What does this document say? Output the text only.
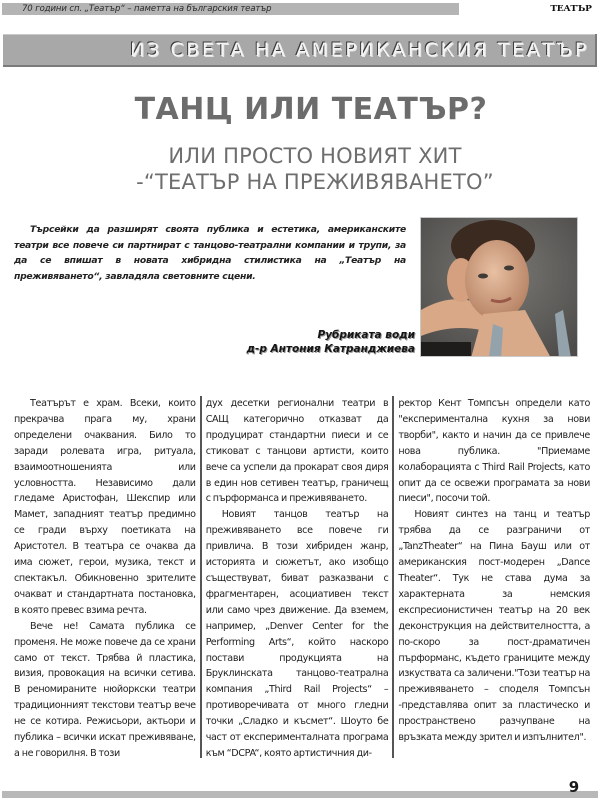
70 години сп. „Театър“ – паметта на българския театър	ТЕАТЪР
ИЗ СВЕТА НА АМЕРИКАНСКИЯ ТЕАТЪР
ТАНЦ ИЛИ ТЕАТЪР?
ИЛИ ПРОСТО НОВИЯТ ХИТ
-“ТЕАТЪР НА ПРЕЖИВЯВАНЕТО”

Търсейки да разширят своята публика и естетика, американските театри все повече си партнират с танцово-театрални компании и трупи, за да се впишат в новата хибридна стилистика на „Театър на преживяването“, завладяла световните сцени.

Рубриката води
д-р Антония Катранджиева

Театърът е храм. Всеки, които прекрачва прага му, храни определени очаквания. Било то заради ролевата игра, ритуала, взаимоотношенията или условността. Независимо дали гледаме Аристофан, Шекспир или Мамет, западният театър предимно се гради върху поетиката на Аристотел. В театъра се очаква да има сюжет, герои, музика, текст и спектакъл. Обикновенно зрителите очакват и стандартната постановка, в която превес взима речта.

Вече не! Самата публика се променя. Не може повече да се храни само от текст. Трябва й пластика, визия, провокация на всички сетива. В реномираните нюйоркски театри традиционният текстови театър вече не се котира. Режисьори, актьори и публика – всички искат преживяване, а не говорилня. В този

дух десетки регионални театри в САЩ категорично отказват да продуцират стандартни пиеси и се стиковат с танцови артисти, които вече са успели да прокарат своя диря в един нов сетивен театър, граничещ с пърформанса и преживяването.

Новият танцов театър на преживяването все повече ги привлича. В този хибриден жанр, историята и сюжетът, ако изобщо съществуват, биват разказвани с фрагментарен, асоциативен текст или само чрез движение. Да вземем, например, „Denver Center for the Performing Arts“, който наскоро постави продукцията на Бруклинската танцово-театрална компания „Third Rail Projects“ – противоречивата от много гледни точки „Сладко и късмет“. Шоуто бе част от експерименталната програма към “DCPA“, която артистичния ди-

ректор Кент Томпсън определи като "експериментална кухня за нови творби", както и начин да се привлече нова публика. "Приемаме колаборацията с Third Rail Projects, като опит да се освежи програмата за нови пиеси", посочи той.

Новият синтез на танц и театър трябва да се разграничи от „TanzTheater“ на Пина Бауш или от американския пост-модерен „Dance Theater“. Тук не става дума за характерната за немския експресионистичен театър на 20 век деконструкция на действителността, а по-скоро за пост-драматичен пърформанс, където границите между изкуствата са заличени."Този театър на преживяването – споделя Томпсън -представлява опит за пластическо и пространствено разчупване на връзката между зрител и изпълнител".

9
